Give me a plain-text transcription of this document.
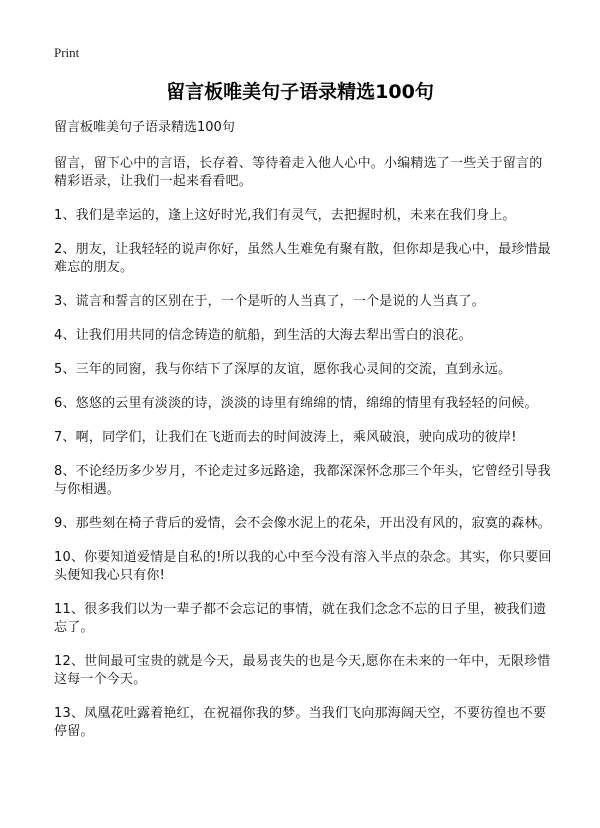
Print
留言板唯美句子语录精选100句

留言板唯美句子语录精选100句

留言，留下心中的言语，长存着、等待着走入他人心中。小编精选了一些关于留言的精彩语录，让我们一起来看看吧。

1、我们是幸运的，逢上这好时光,我们有灵气，去把握时机，未来在我们身上。

2、朋友，让我轻轻的说声你好，虽然人生难免有聚有散，但你却是我心中，最珍惜最难忘的朋友。

3、谎言和誓言的区别在于，一个是听的人当真了，一个是说的人当真了。

4、让我们用共同的信念铸造的航船，到生活的大海去犁出雪白的浪花。

5、三年的同窗，我与你结下了深厚的友谊，愿你我心灵间的交流，直到永远。

6、悠悠的云里有淡淡的诗，淡淡的诗里有绵绵的情，绵绵的情里有我轻轻的问候。

7、啊，同学们，让我们在飞逝而去的时间波涛上，乘风破浪，驶向成功的彼岸!

8、不论经历多少岁月，不论走过多远路途，我都深深怀念那三个年头，它曾经引导我与你相遇。

9、那些刻在椅子背后的爱情，会不会像水泥上的花朵，开出没有风的，寂寞的森林。

10、你要知道爱情是自私的!所以我的心中至今没有溶入半点的杂念。其实，你只要回头便知我心只有你!

11、很多我们以为一辈子都不会忘记的事情，就在我们念念不忘的日子里，被我们遗忘了。

12、世间最可宝贵的就是今天，最易丧失的也是今天,愿你在未来的一年中，无限珍惜这每一个今天。

13、凤凰花吐露着艳红，在祝福你我的梦。当我们飞向那海阔天空，不要彷徨也不要停留。
